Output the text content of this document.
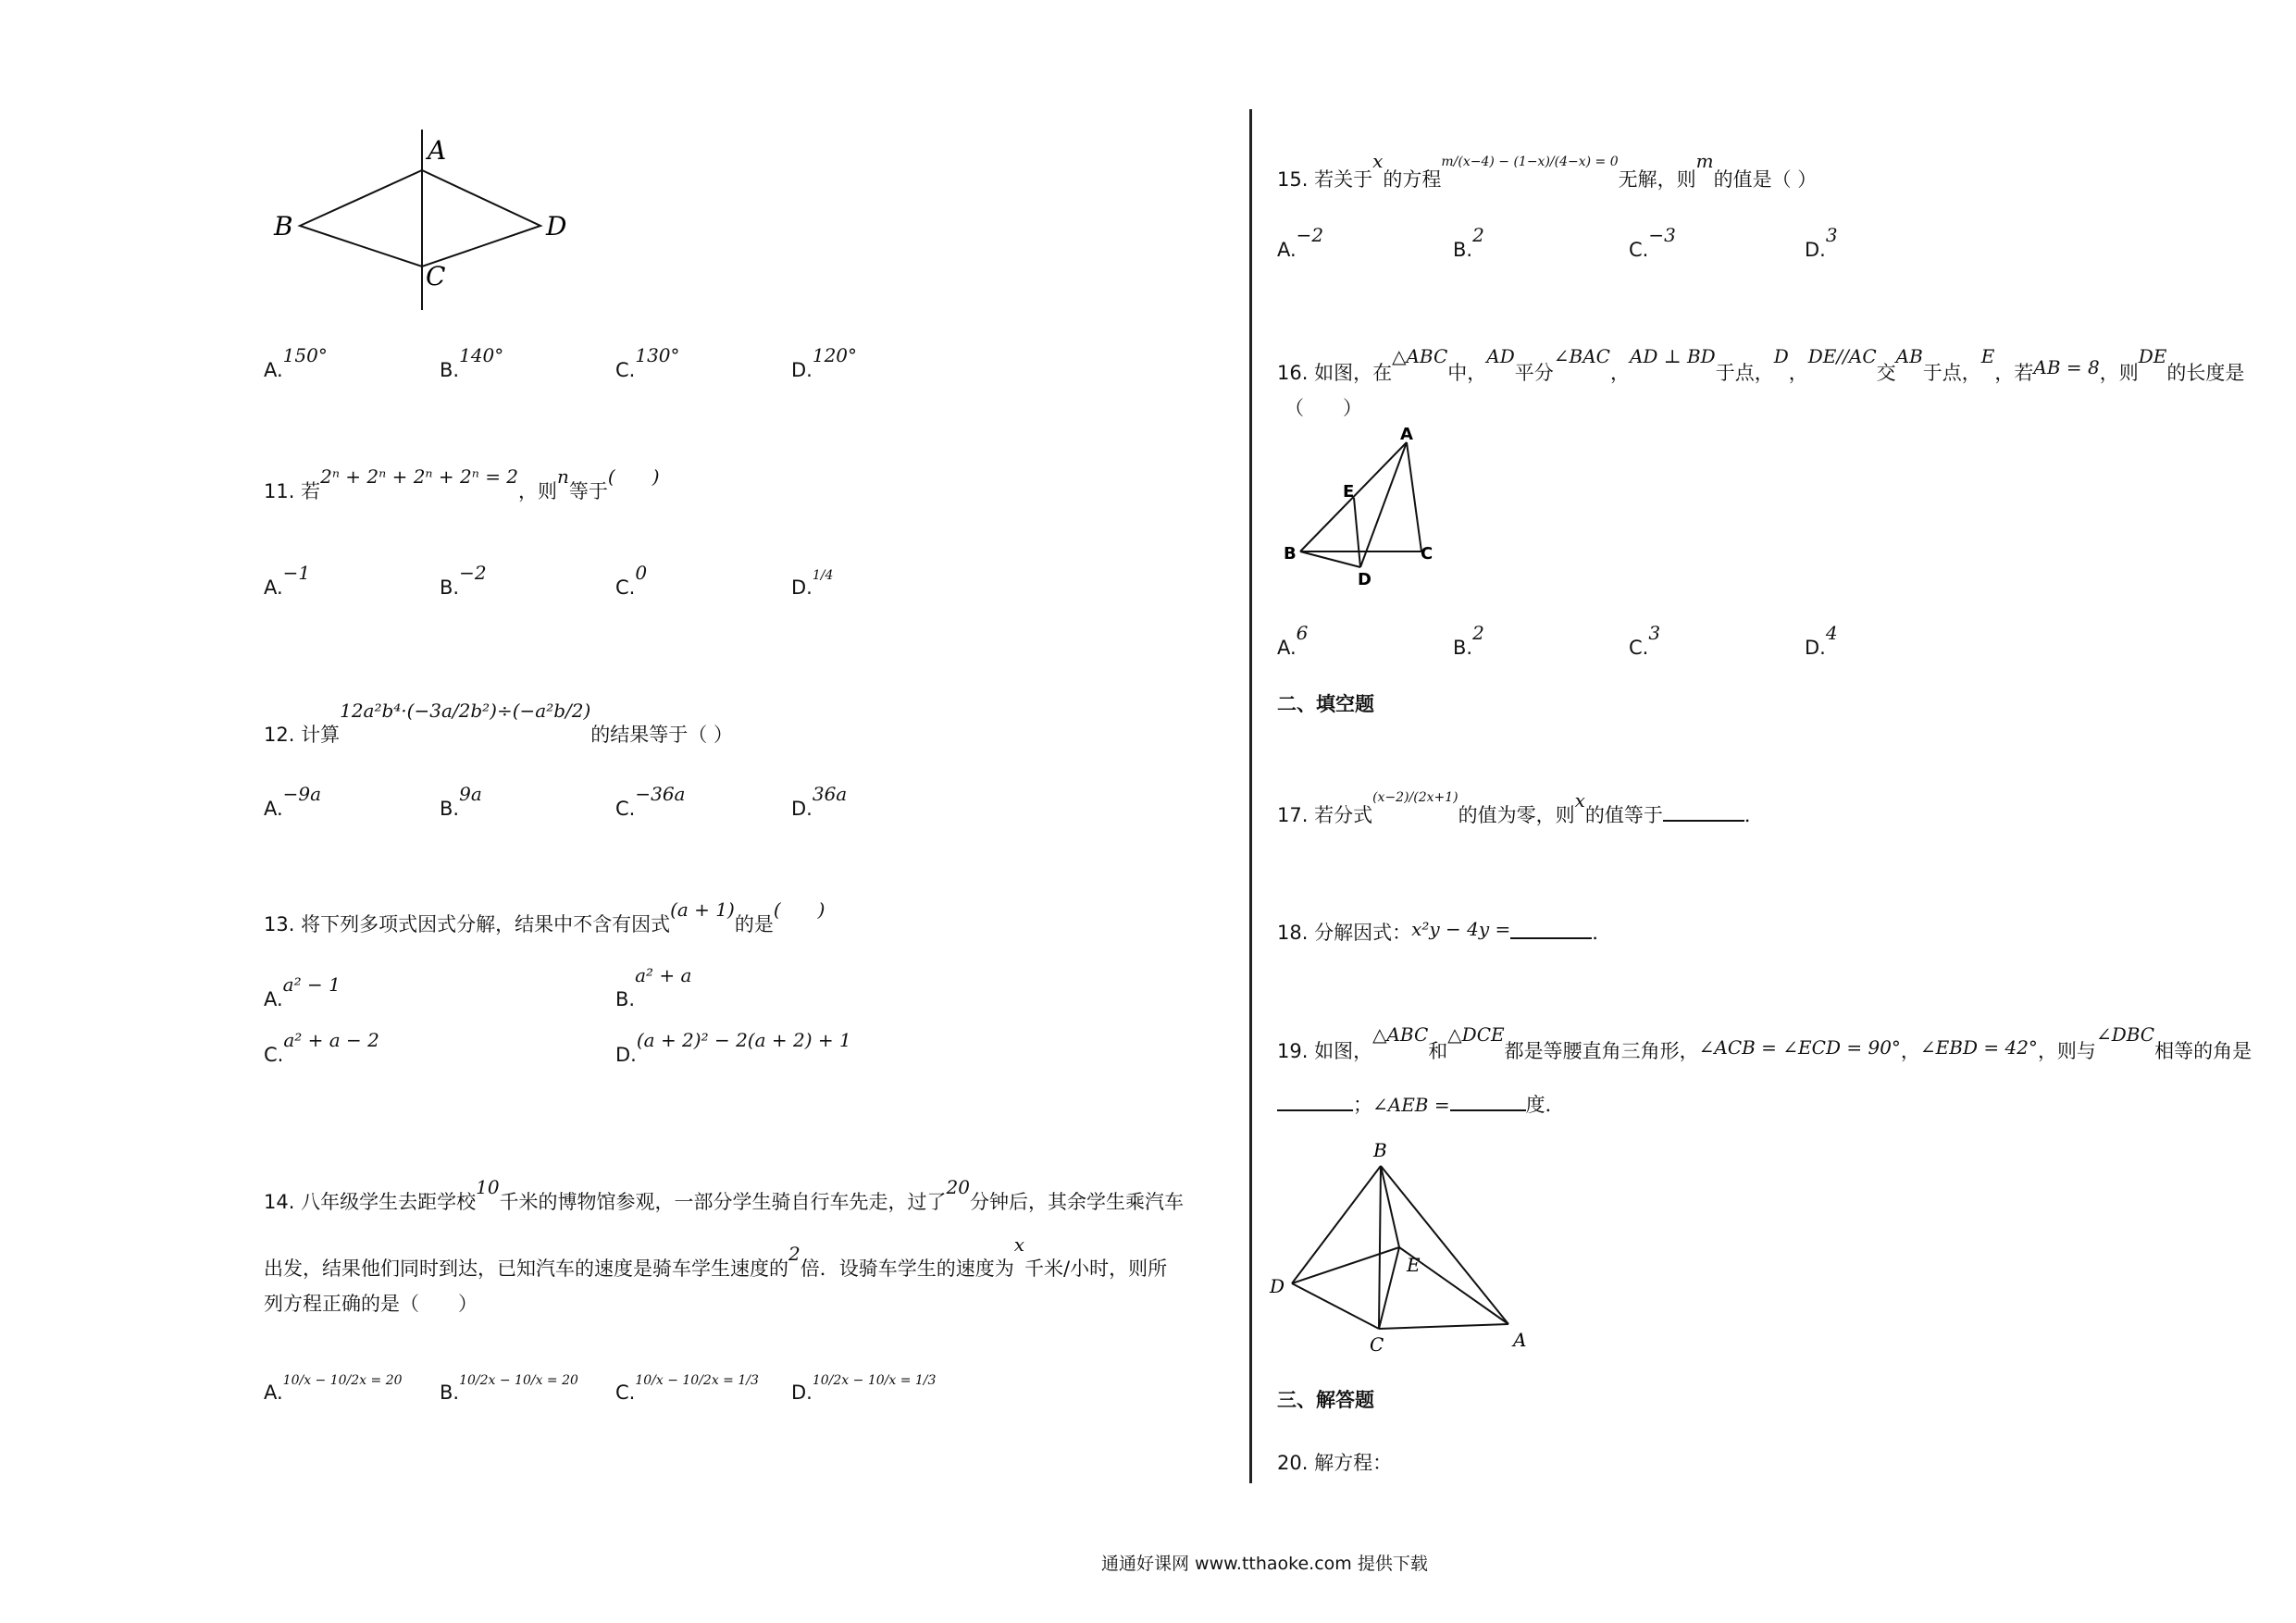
A
B
C
D
A.150°
B.140°
C.130°
D.120°
11. 若2ⁿ + 2ⁿ + 2ⁿ + 2ⁿ = 2，则n等于(　　)
A.−1
B.−2
C.0
D.$^{1/4}$
12. 计算12a²b⁴·(−3a/2b²)÷(−a²b/2)的结果等于（ ）
A.−9a
B.9a
C.−36a
D.36a
13. 将下列多项式因式分解，结果中不含有因式(a + 1)的是(　　)
A.a² − 1
B.a² + a
C.a² + a − 2
D.(a + 2)² − 2(a + 2) + 1
14. 八年级学生去距学校10千米的博物馆参观，一部分学生骑自行车先走，过了20分钟后，其余学生乘汽车
出发，结果他们同时到达，已知汽车的速度是骑车学生速度的2倍．设骑车学生的速度为x千米/小时，则所
列方程正确的是（　　）
A.$^{10/x - 10/2x = 20}$
B.$^{10/2x - 10/x = 20}$
C.$^{10/x - 10/2x = 1/3}$
D.$^{10/2x - 10/x = 1/3}$
15. 若关于x的方程$^{m/(x-4) - (1-x)/(4-x) = 0}$无解，则m的值是（ ）
A.−2
B.2
C.−3
D.3
16. 如图，在△ABC中，AD平分∠BAC，AD ⊥ BD于点，D，DE//AC交AB于点，E，若AB = 8，则DE的长度是
（　　）
A
E
B	C
D
A.6
B.2
C.3
D.4
二、填空题
17. 若分式$^{(x-2)/(2x+1)}$的值为零，则x的值等于	．
18. 分解因式：x²y − 4y =	．
19. 如图，△ABC和△DCE都是等腰直角三角形，∠ACB = ∠ECD = 90°，∠EBD = 42°，则与∠DBC相等的角是
；∠AEB =	度．
B
D
E
C	A
三、解答题
20. 解方程：
通通好课网 www.tthaoke.com 提供下载
